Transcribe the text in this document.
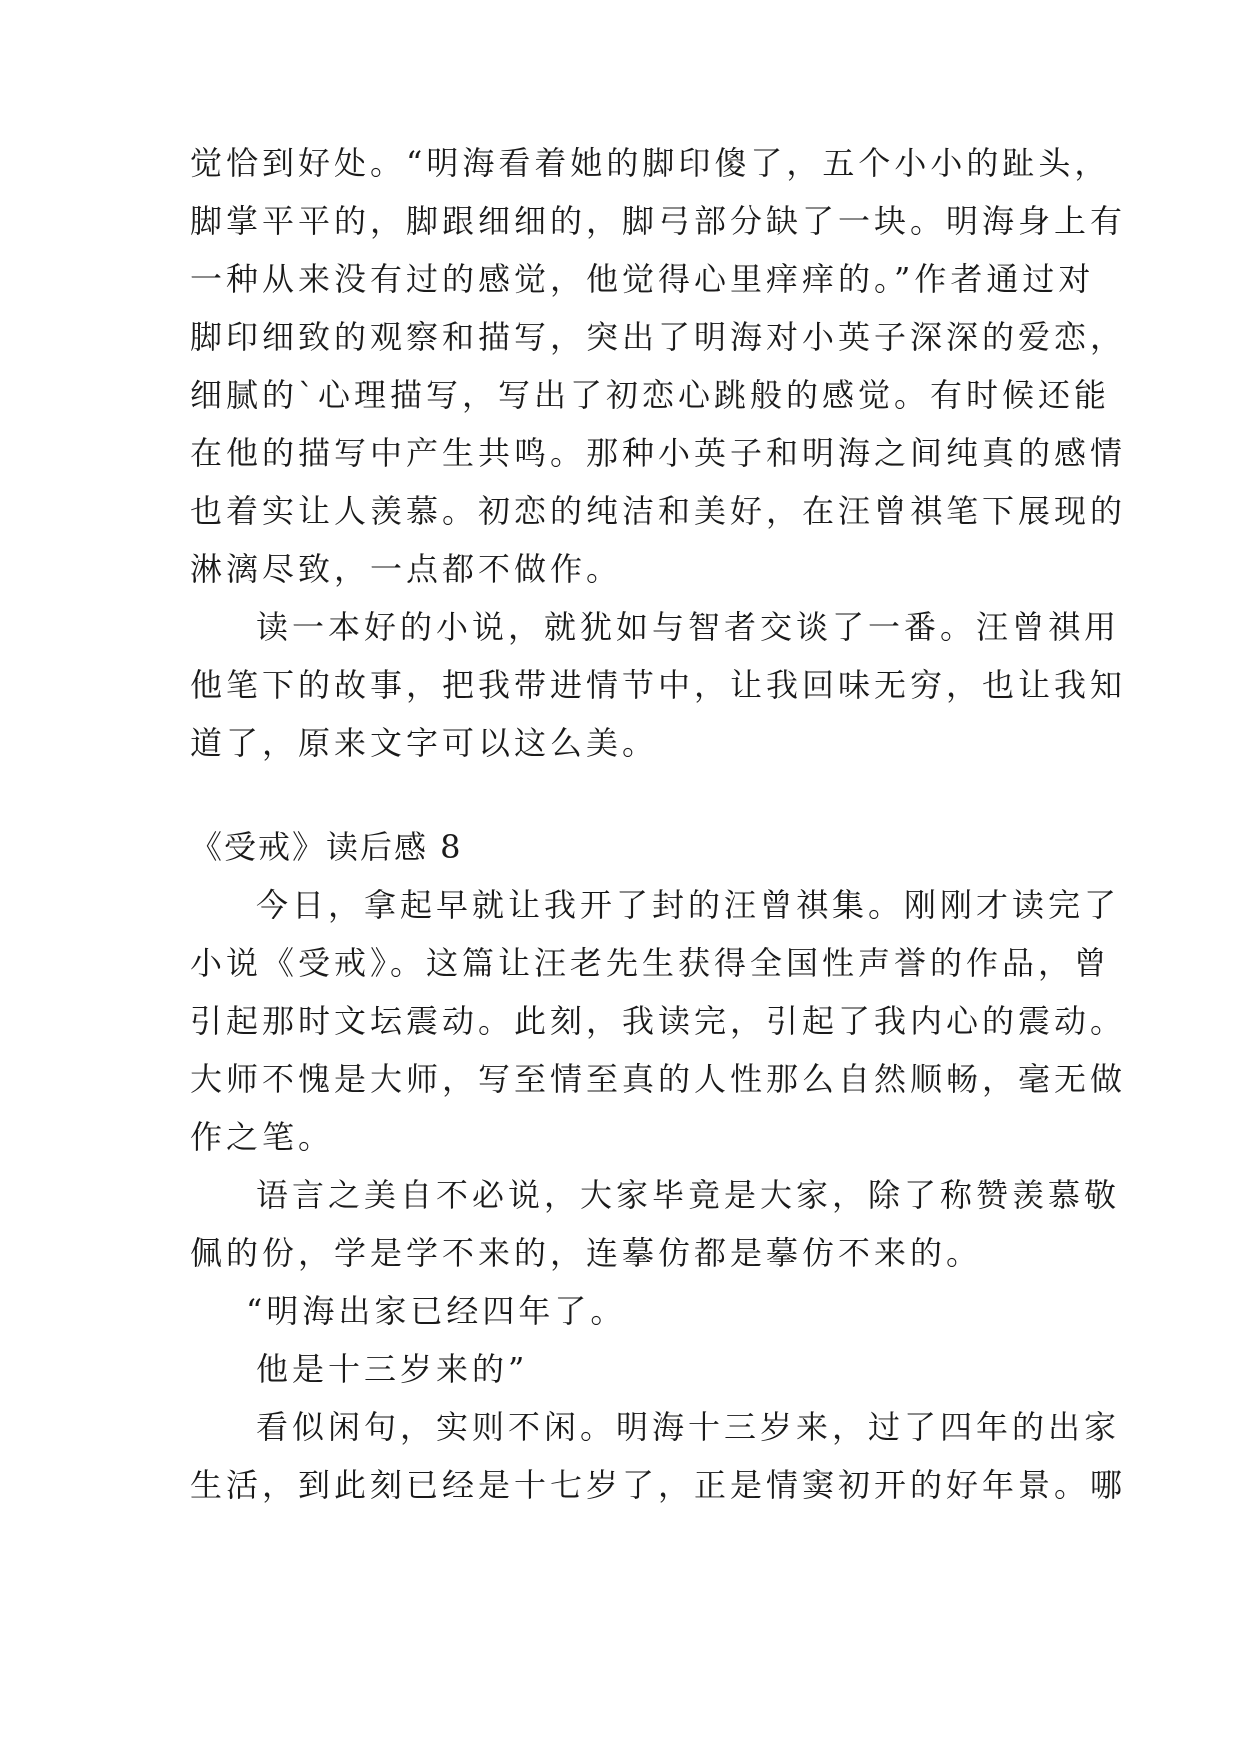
觉恰到好处。“明海看着她的脚印傻了，五个小小的趾头，
脚掌平平的，脚跟细细的，脚弓部分缺了一块。明海身上有
一种从来没有过的感觉，他觉得心里痒痒的。”作者通过对
脚印细致的观察和描写，突出了明海对小英子深深的爱恋，
细腻的`心理描写，写出了初恋心跳般的感觉。有时候还能
在他的描写中产生共鸣。那种小英子和明海之间纯真的感情
也着实让人羡慕。初恋的纯洁和美好，在汪曾祺笔下展现的
淋漓尽致，一点都不做作。
读一本好的小说，就犹如与智者交谈了一番。汪曾祺用
他笔下的故事，把我带进情节中，让我回味无穷，也让我知
道了，原来文字可以这么美。
《受戒》读后感 8
今日，拿起早就让我开了封的汪曾祺集。刚刚才读完了
小说《受戒》。这篇让汪老先生获得全国性声誉的作品，曾
引起那时文坛震动。此刻，我读完，引起了我内心的震动。
大师不愧是大师，写至情至真的人性那么自然顺畅，毫无做
作之笔。
语言之美自不必说，大家毕竟是大家，除了称赞羡慕敬
佩的份，学是学不来的，连摹仿都是摹仿不来的。
“明海出家已经四年了。
他是十三岁来的”
看似闲句，实则不闲。明海十三岁来，过了四年的出家
生活，到此刻已经是十七岁了，正是情窦初开的好年景。哪
